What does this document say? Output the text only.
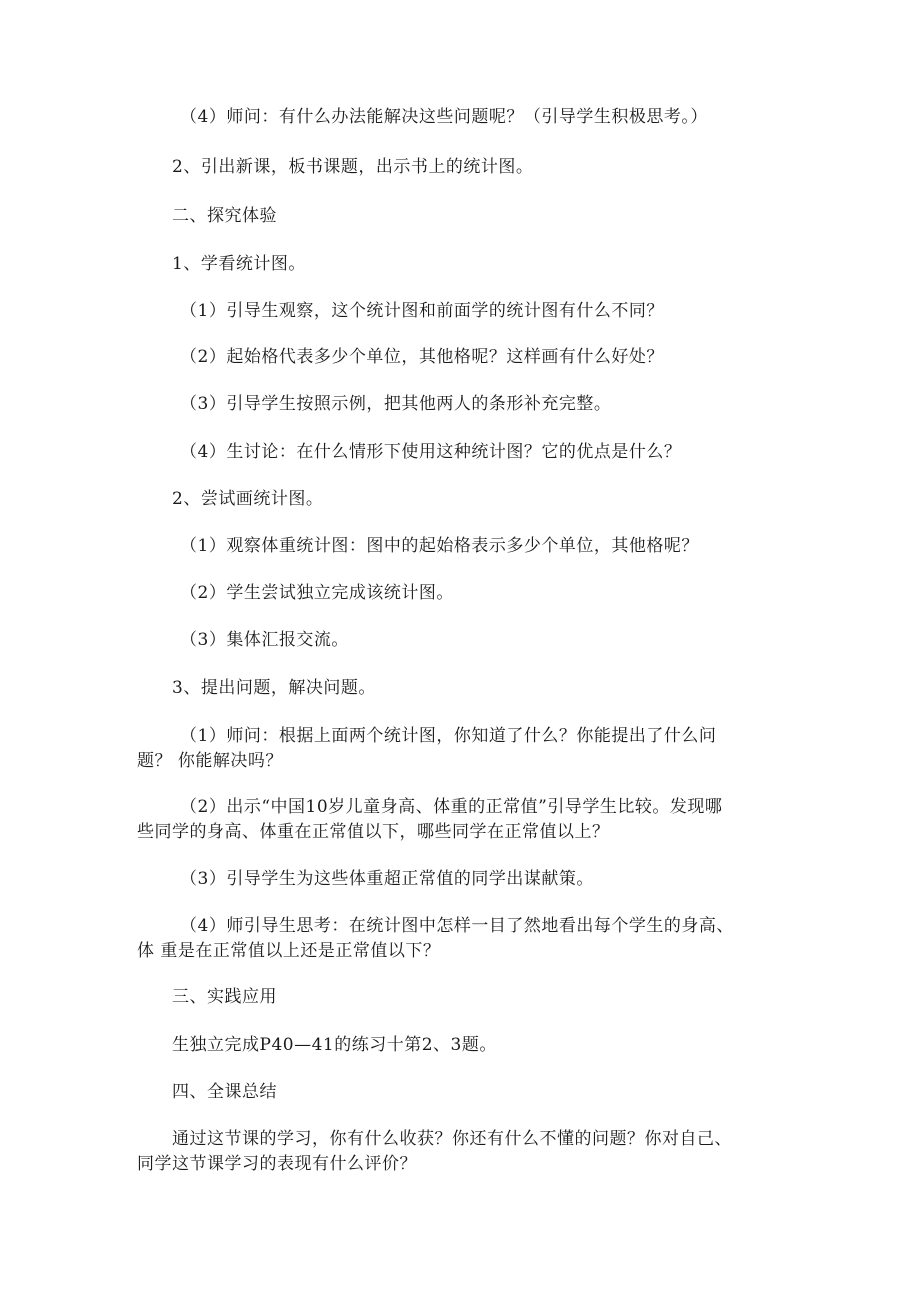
（4）师问：有什么办法能解决这些问题呢？（引导学生积极思考。）
2、引出新课，板书课题，出示书上的统计图。
二、探究体验
1、学看统计图。
（1）引导生观察，这个统计图和前面学的统计图有什么不同？
（2）起始格代表多少个单位，其他格呢？这样画有什么好处？
（3）引导学生按照示例，把其他两人的条形补充完整。
（4）生讨论：在什么情形下使用这种统计图？它的优点是什么？
2、尝试画统计图。
（1）观察体重统计图：图中的起始格表示多少个单位，其他格呢？
（2）学生尝试独立完成该统计图。
（3）集体汇报交流。
3、提出问题，解决问题。
（1）师问：根据上面两个统计图，你知道了什么？你能提出了什么问
题？ 你能解决吗？
（2）出示“中国10岁儿童身高、体重的正常值”引导学生比较。发现哪
些同学的身高、体重在正常值以下，哪些同学在正常值以上？
（3）引导学生为这些体重超正常值的同学出谋献策。
（4）师引导生思考：在统计图中怎样一目了然地看出每个学生的身高、
体 重是在正常值以上还是正常值以下？
三、实践应用
生独立完成P40—41的练习十第2、3题。
四、全课总结
通过这节课的学习，你有什么收获？你还有什么不懂的问题？你对自己、
同学这节课学习的表现有什么评价？
